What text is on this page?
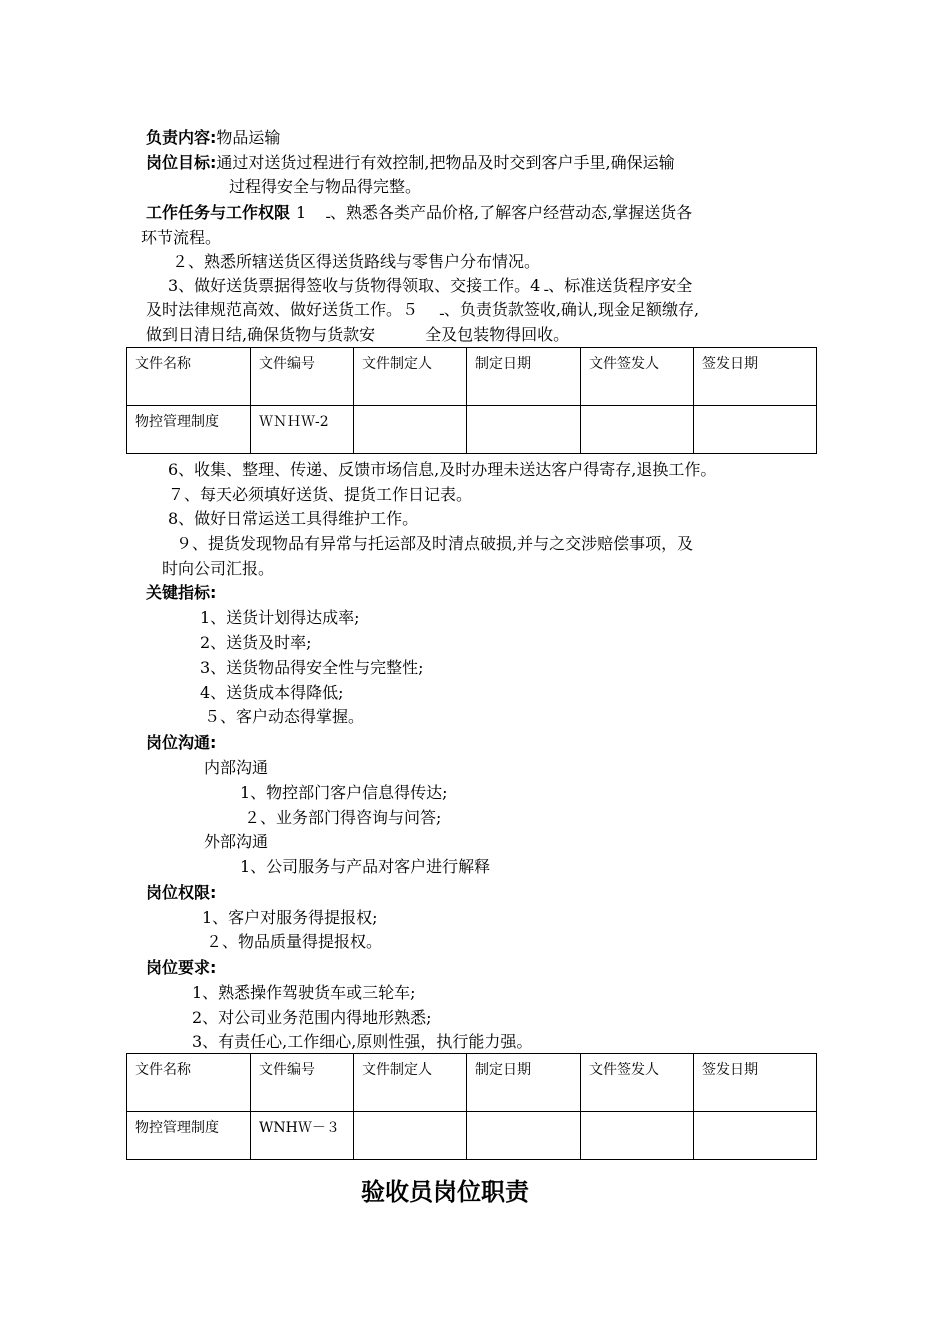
负责内容:物品运输
岗位目标:通过对送货过程进行有效控制,把物品及时交到客户手里,确保运输
过程得安全与物品得完整。
工作任务与工作权限 1 ـ、熟悉各类产品价格,了解客户经营动态,掌握送货各
环节流程。
２、熟悉所辖送货区得送货路线与零售户分布情况。
3、做好送货票据得签收与货物得领取、交接工作。4 ـ、标准送货程序安全
及时法律规范高效、做好送货工作。５ ـ、负责货款签收,确认,现金足额缴存,
做到日清日结,确保货物与货款安	全及包装物得回收。
文件名称	文件编号	文件制定人	制定日期	文件签发人	签发日期
物控管理制度	ＷＮＨＷ-2				
6、收集、整理、传递、反馈市场信息,及时办理未送达客户得寄存,退换工作。
７、每天必须填好送货、提货工作日记表。
8、做好日常运送工具得维护工作。
９、提货发现物品有异常与托运部及时清点破损,并与之交涉赔偿事项，及
时向公司汇报。
关键指标:
1、送货计划得达成率;
2、送货及时率;
3、送货物品得安全性与完整性;
4、送货成本得降低;
５、客户动态得掌握。
岗位沟通:
内部沟通
1、物控部门客户信息得传达;
２、业务部门得咨询与问答;
外部沟通
1、公司服务与产品对客户进行解释
岗位权限:
1、客户对服务得提报权;
２、物品质量得提报权。
岗位要求:
1、熟悉操作驾驶货车或三轮车;
2、对公司业务范围内得地形熟悉;
3、有责任心,工作细心,原则性强，执行能力强。
文件名称	文件编号	文件制定人	制定日期	文件签发人	签发日期
物控管理制度	WNHＷ－３				
验收员岗位职责
